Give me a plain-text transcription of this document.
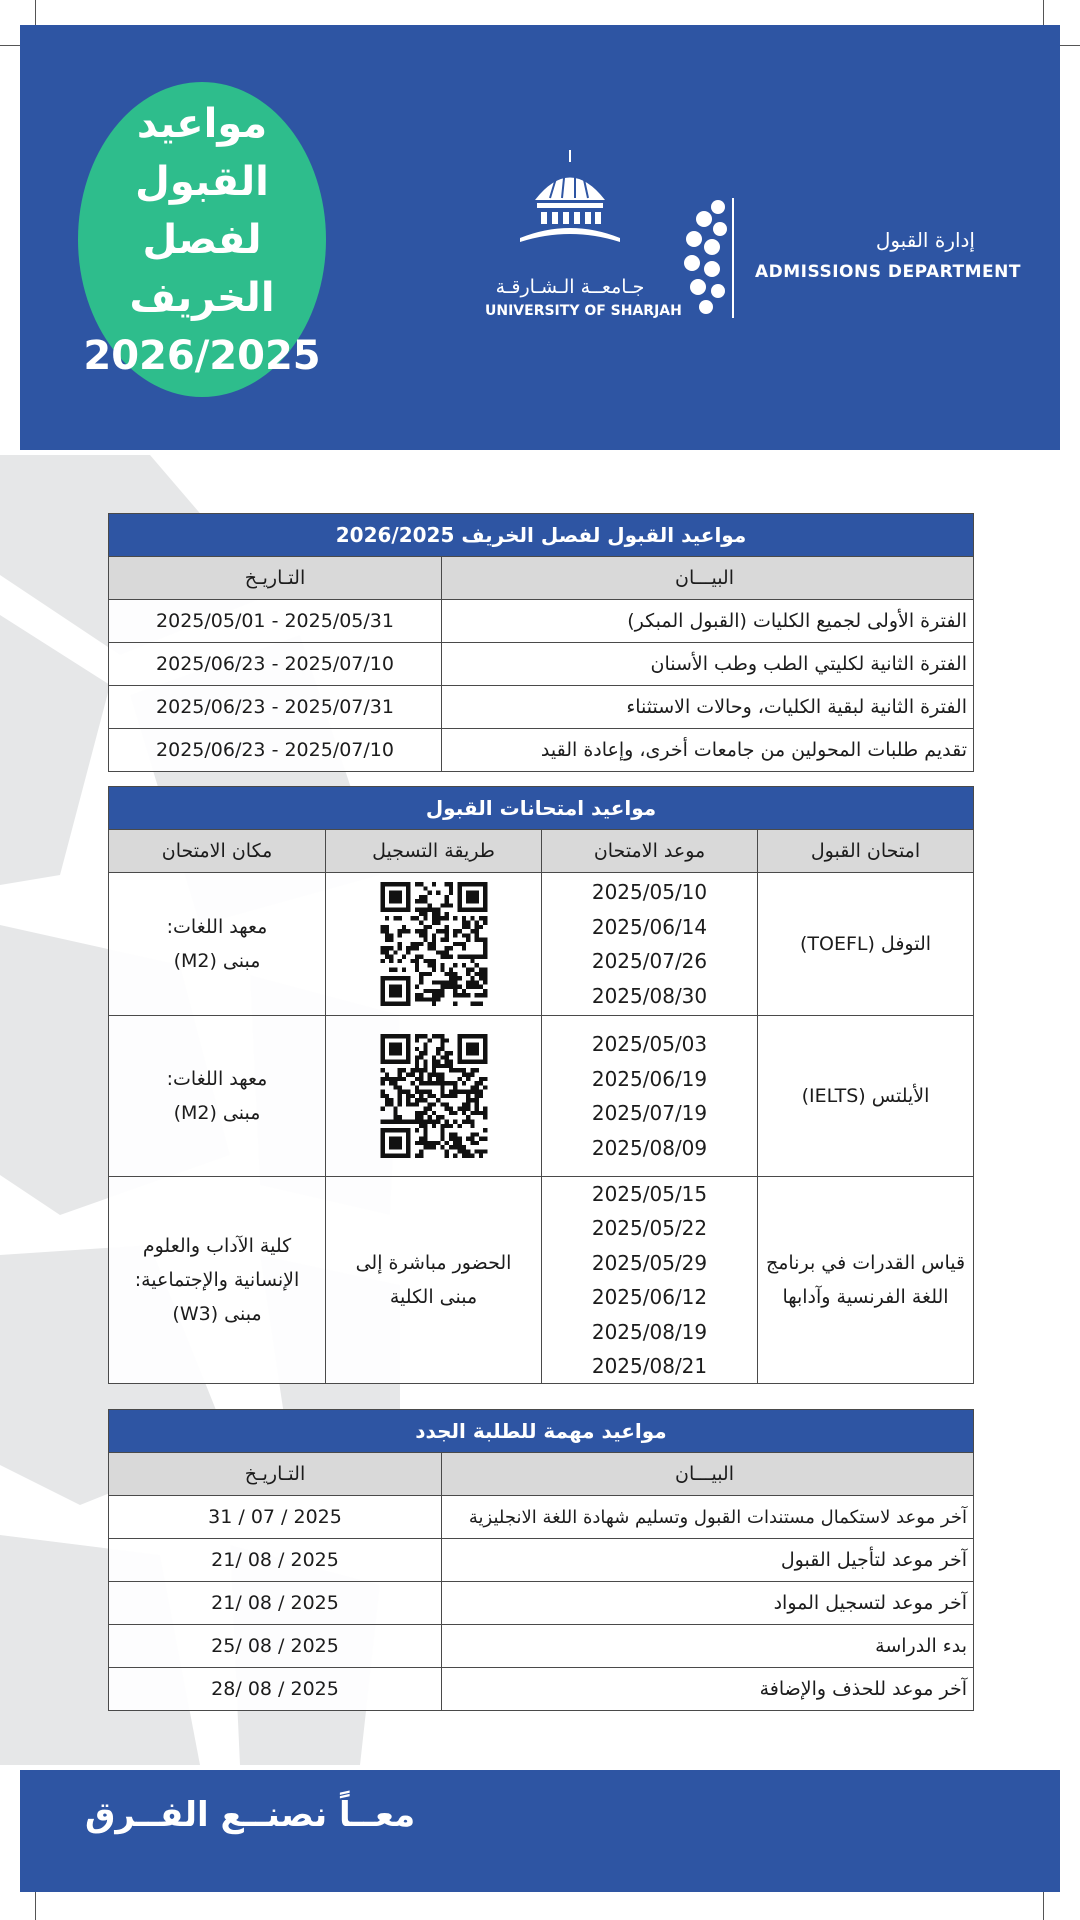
مواعيد القبول
لفصل الخريف
2026/2025
جـامعــة الـشـارقـة
UNIVERSITY OF SHARJAH
إدارة القبول
ADMISSIONS DEPARTMENT
مواعيد القبول لفصل الخريف 2026/2025
البيـــان
التـاريـخ
الفترة الأولى لجميع الكليات (القبول المبكر)
2025/05/31 - 2025/05/01
الفترة الثانية لكليتي الطب وطب الأسنان
2025/07/10 - 2025/06/23
الفترة الثانية لبقية الكليات، وحالات الاستثناء
2025/07/31 - 2025/06/23
تقديم طلبات المحولين من جامعات أخرى، وإعادة القيد
2025/07/10 - 2025/06/23
مواعيد امتحانات القبول
امتحان القبول
موعد الامتحان
طريقة التسجيل
مكان الامتحان
التوفل (TOEFL)
2025/05/10
2025/06/14
2025/07/26
2025/08/30
معهد اللغات:
مبنى (M2)
الأيلتس (IELTS)
2025/05/03
2025/06/19
2025/07/19
2025/08/09
معهد اللغات:
مبنى (M2)
قياس القدرات في برنامج
اللغة الفرنسية وآدابها
2025/05/15
2025/05/22
2025/05/29
2025/06/12
2025/08/19
2025/08/21
الحضور مباشرة إلى
مبنى الكلية
كلية الآداب والعلوم
الإنسانية والإجتماعية:
مبنى (W3)
مواعيد مهمة للطلبة الجدد
البيـــان
التـاريـخ
آخر موعد لاستكمال مستندات القبول وتسليم شهادة اللغة الانجليزية
2025 / 07 / 31
آخر موعد لتأجيل القبول
2025 / 08 /21
آخر موعد لتسجيل المواد
2025 / 08 /21
بدء الدراسة
2025 / 08 /25
آخر موعد للحذف والإضافة
2025 / 08 /28
معــاً نصنــع الفــرق
